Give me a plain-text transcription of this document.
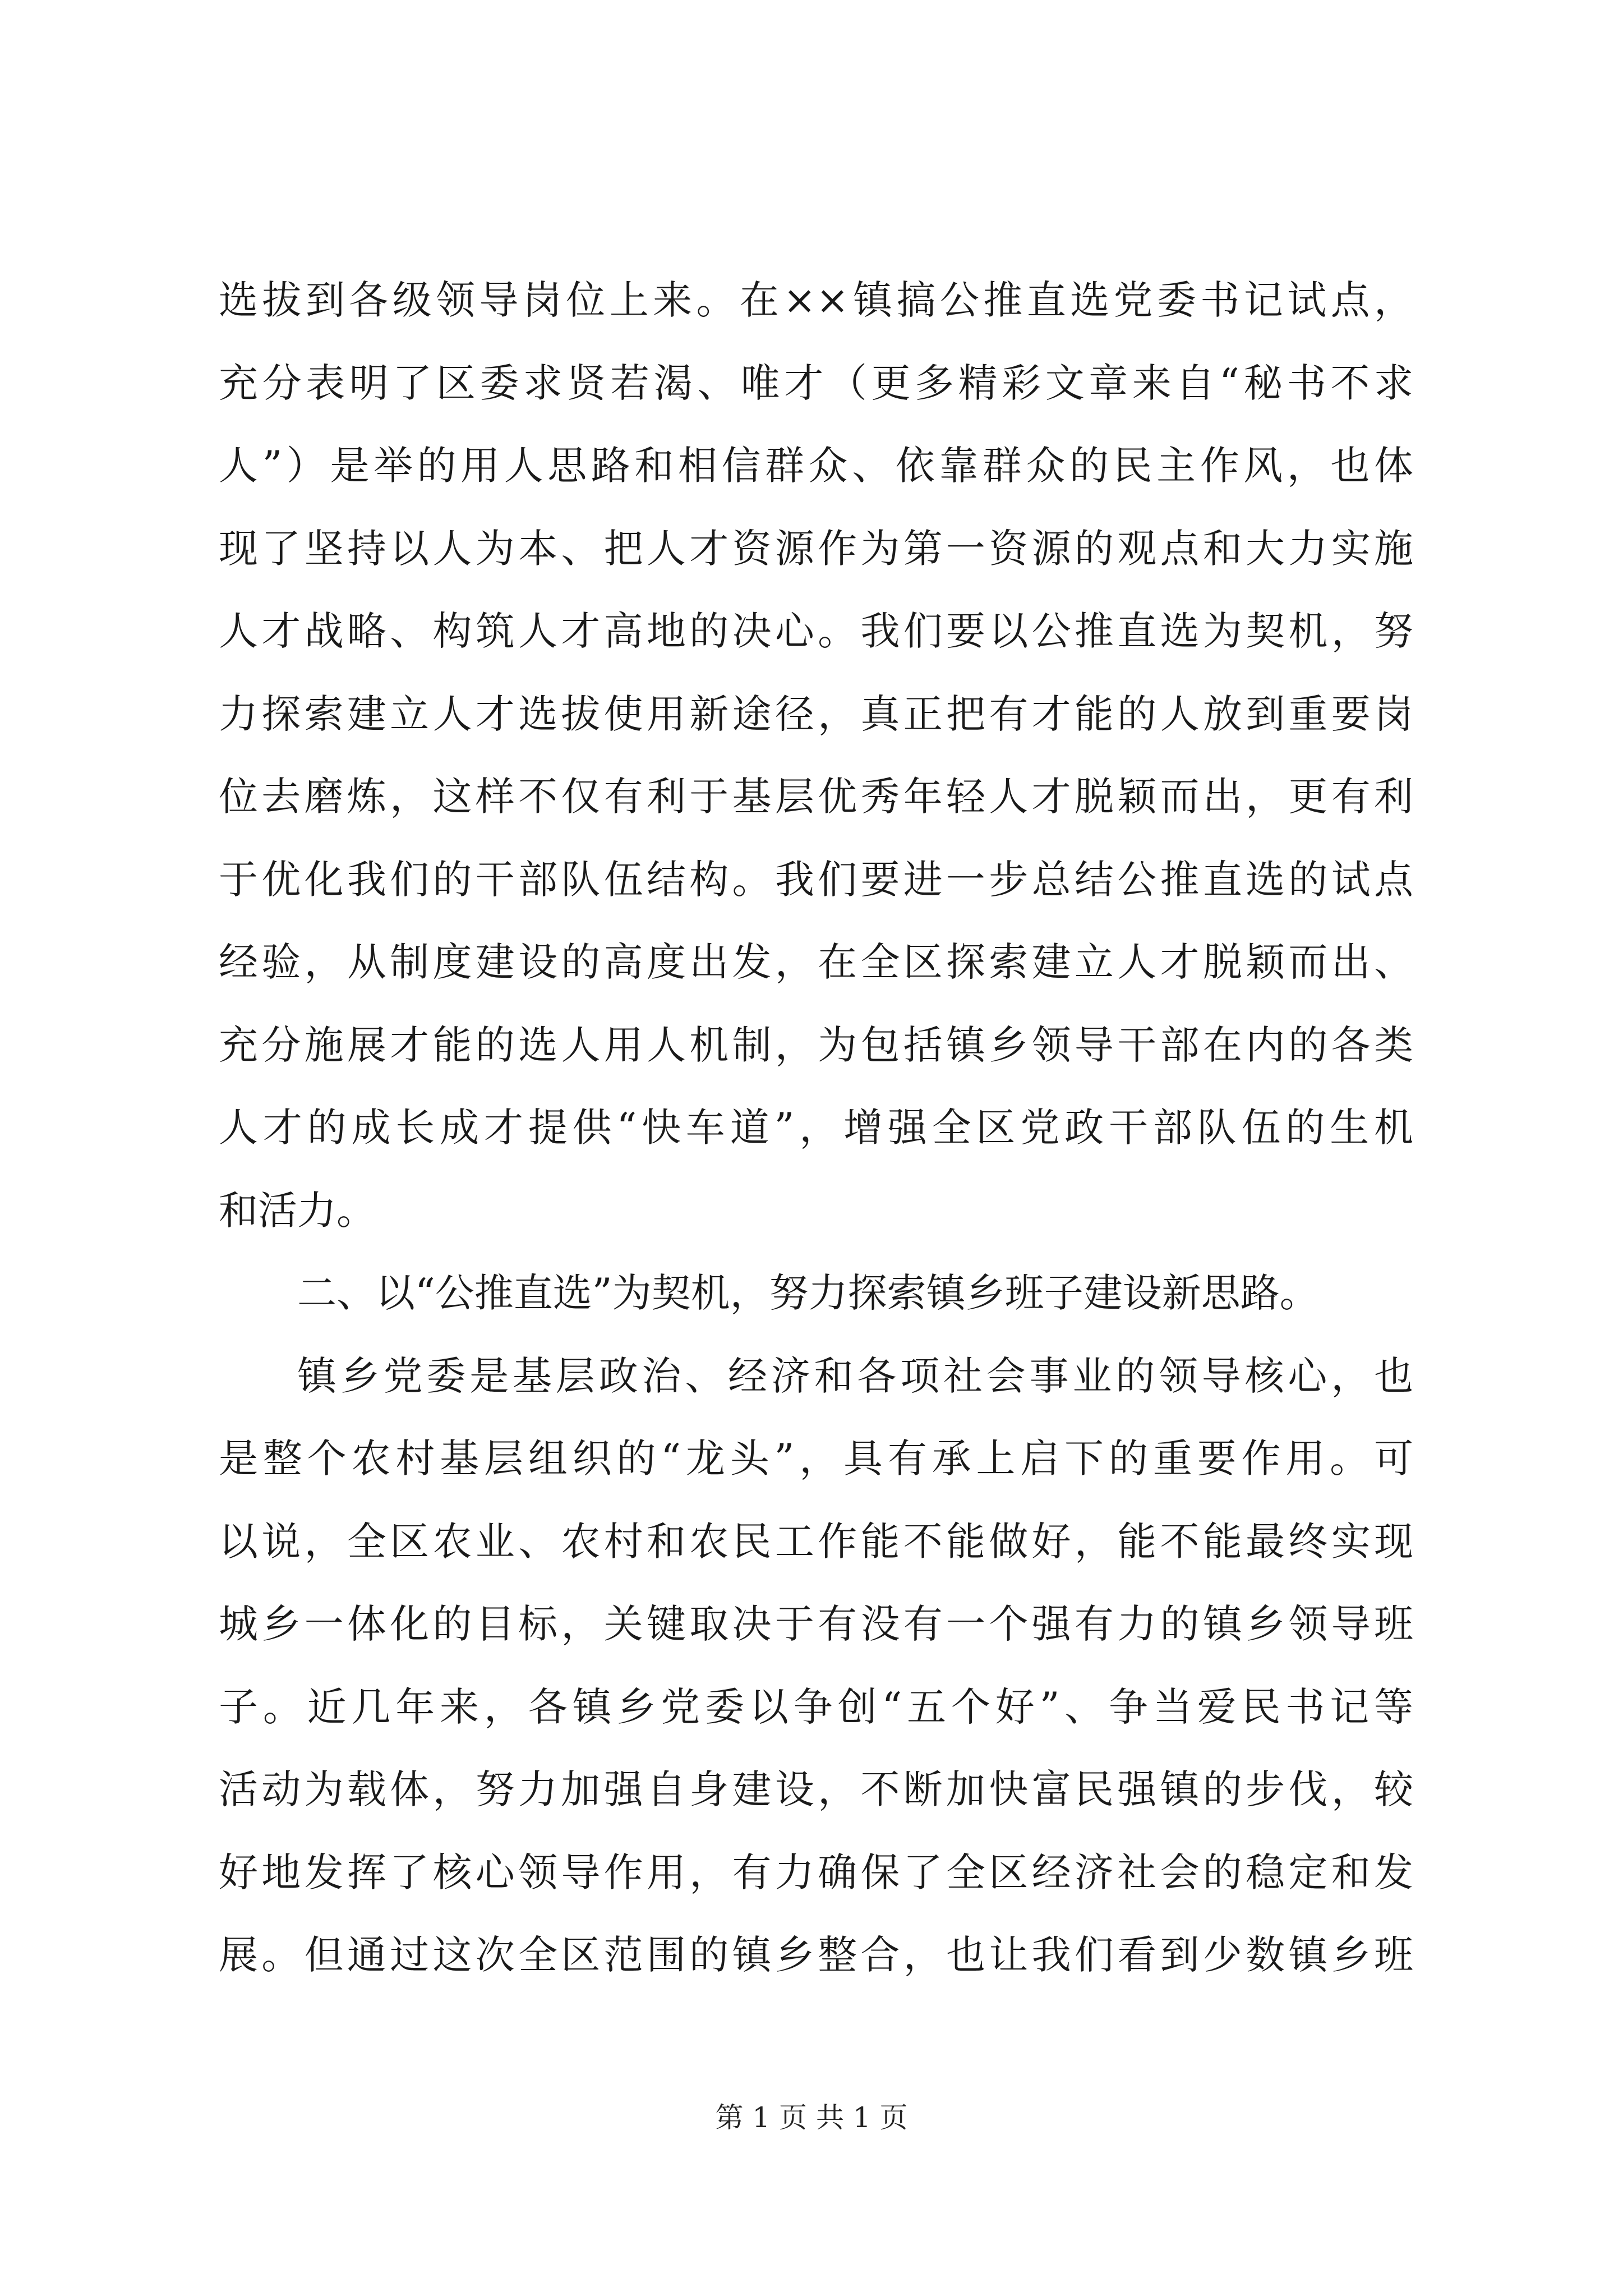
选拔到各级领导岗位上来。在××镇搞公推直选党委书记试点，
充分表明了区委求贤若渴、唯才（更多精彩文章来自“秘书不求
人”）是举的用人思路和相信群众、依靠群众的民主作风，也体
现了坚持以人为本、把人才资源作为第一资源的观点和大力实施
人才战略、构筑人才高地的决心。我们要以公推直选为契机，努
力探索建立人才选拔使用新途径，真正把有才能的人放到重要岗
位去磨炼，这样不仅有利于基层优秀年轻人才脱颖而出，更有利
于优化我们的干部队伍结构。我们要进一步总结公推直选的试点
经验，从制度建设的高度出发，在全区探索建立人才脱颖而出、
充分施展才能的选人用人机制，为包括镇乡领导干部在内的各类
人才的成长成才提供“快车道”，增强全区党政干部队伍的生机
和活力。
二、以“公推直选”为契机，努力探索镇乡班子建设新思路。
镇乡党委是基层政治、经济和各项社会事业的领导核心，也
是整个农村基层组织的“龙头”，具有承上启下的重要作用。可
以说，全区农业、农村和农民工作能不能做好，能不能最终实现
城乡一体化的目标，关键取决于有没有一个强有力的镇乡领导班
子。近几年来，各镇乡党委以争创“五个好”、争当爱民书记等
活动为载体，努力加强自身建设，不断加快富民强镇的步伐，较
好地发挥了核心领导作用，有力确保了全区经济社会的稳定和发
展。但通过这次全区范围的镇乡整合，也让我们看到少数镇乡班
第 1 页 共 1 页
